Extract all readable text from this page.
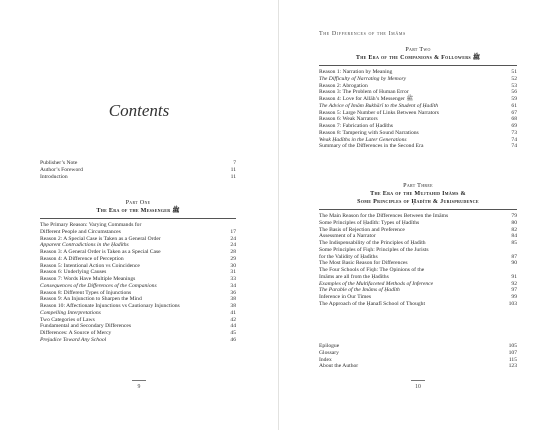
Contents
Publisher’s Note	7
Author’s Foreword	11
Introduction	11
Part One
The Era of the Messenger ﷺ
The Primary Reason: Varying Commands for
Different People and Circumstances	17
Reason 2: A Special Case is Taken as a General Order	24
Apparent Contradictions in the Ḥadīths	24
Reason 3: A General Order is Taken as a Special Case	28
Reason 4: A Difference of Perception	29
Reason 5: Intentional Action vs Coincidence	30
Reason 6: Underlying Causes	31
Reason 7: Words Have Multiple Meanings	33
Consequences of the Differences of the Companions	34
Reason 8: Different Types of Injunctions	36
Reason 9: An Injunction to Sharpen the Mind	38
Reason 10: Affectionate Injunctions vs Cautionary Injunctions	38
Compelling Interpretations	41
Two Categories of Laws	42
Fundamental and Secondary Differences	44
Differences: A Source of Mercy	45
Prejudice Toward Any School	46
9
The Differences of the Imāms
Part Two
The Era of the Companions & Followers ﷺ
Reason 1: Narration by Meaning	51
The Difficulty of Narrating by Memory	52
Reason 2: Abrogation	53
Reason 3: The Problem of Human Error	56
Reason 4: Love for Allāh’s Messenger ﷺ	59
The Advice of Imām Bukhārī to the Student of Ḥadīth	61
Reason 5: Large Number of Links Between Narrators	67
Reason 6: Weak Narrators	68
Reason 7: Fabrication of Ḥadīths	69
Reason 8: Tampering with Sound Narrations	73
Weak Ḥadīths in the Later Generations	74
Summary of the Differences in the Second Era	74
Part Three
The Era of the Mujtahid Imāms &
Some Principles of Ḥadīth & Jurisprudence
The Main Reason for the Differences Between the Imāms	79
Some Principles of Ḥadīth: Types of Ḥadīths	80
The Basis of Rejection and Preference	82
Assessment of a Narrator	84
The Indispensability of the Principles of Ḥadīth	85
Some Principles of Fiqh: Principles of the Jurists
for the Validity of Ḥadīths	87
The Most Basic Reason for Differences	90
The Four Schools of Fiqh: The Opinions of the
Imāms are all from the Ḥadīths	91
Examples of the Multifaceted Methods of Inference	92
The Parable of the Imāms of Ḥadīth	97
Inference in Our Times	99
The Approach of the Ḥanafī School of Thought	103
Epilogue	105
Glossary	107
Index	115
About the Author	123
10
